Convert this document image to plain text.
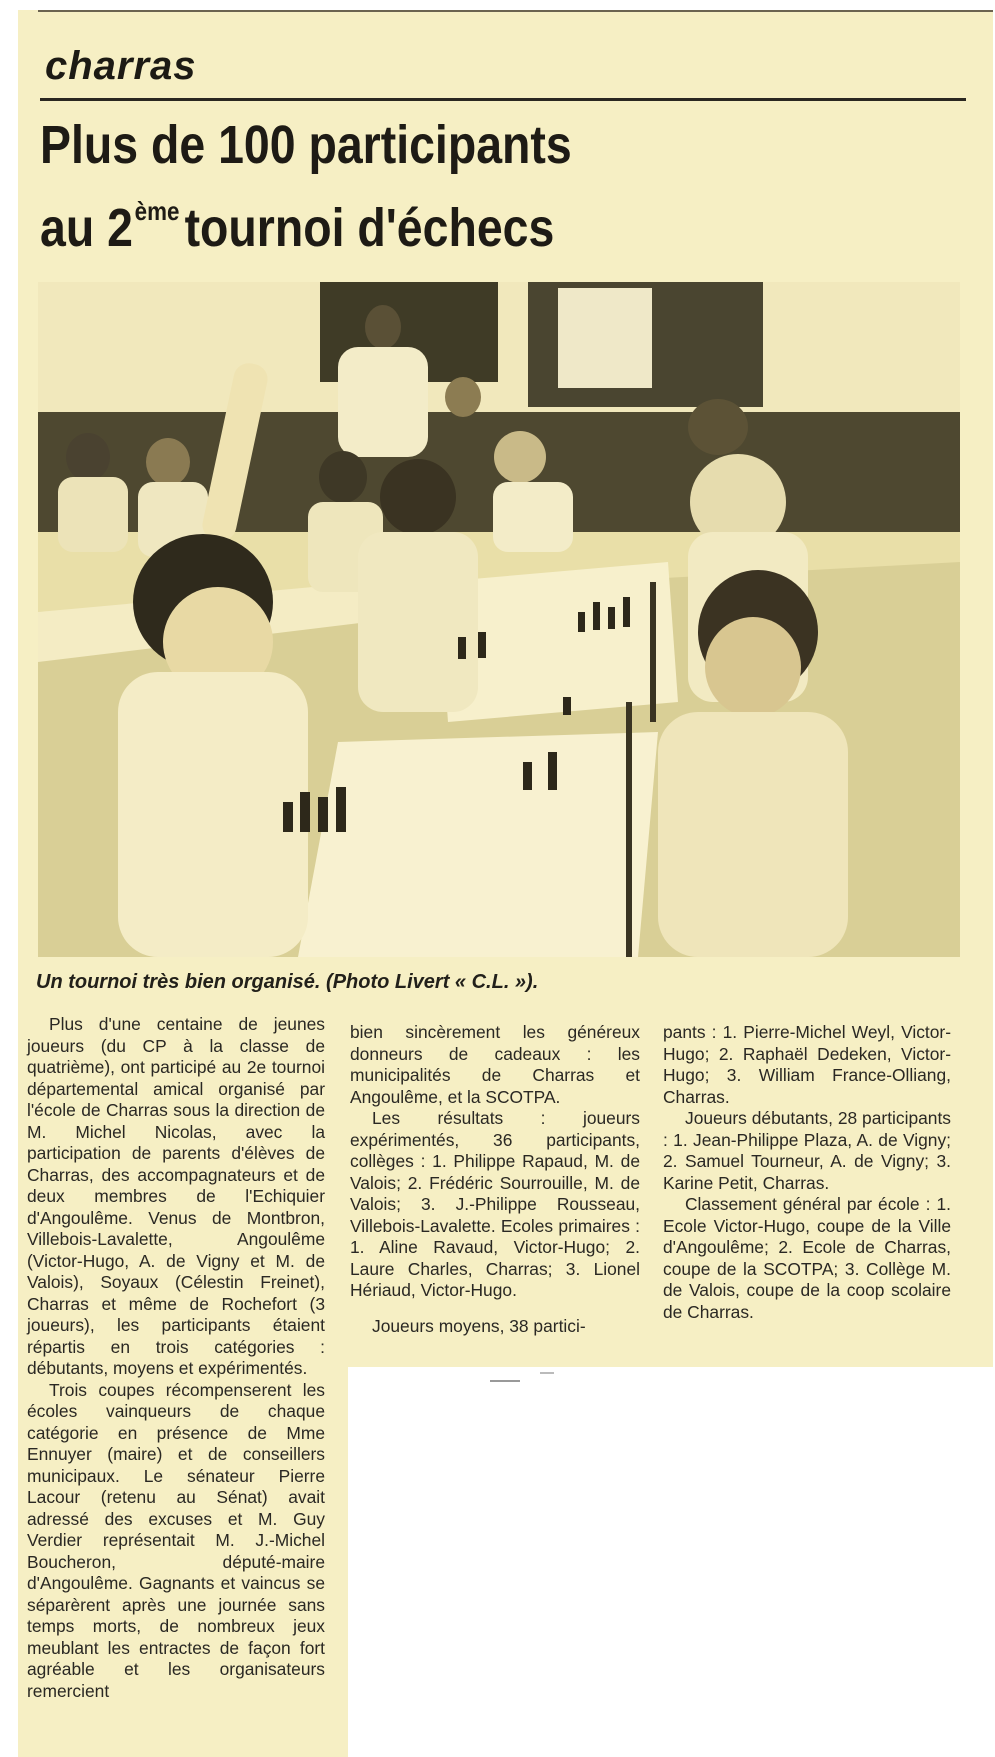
charras
Plus de 100 participants
au 2èmetournoi d'échecs
Un tournoi très bien organisé. (Photo Livert « C.L. »).

Plus d'une centaine de jeunes joueurs (du CP à la classe de quatrième), ont participé au 2e tournoi départemental amical organisé par l'école de Charras sous la direction de M. Michel Nicolas, avec la participation de parents d'élèves de Charras, des accompagnateurs et de deux membres de l'Echiquier d'Angoulême. Venus de Montbron, Villebois-Lavalette, Angoulême (Victor-Hugo, A. de Vigny et M. de Valois), Soyaux (Célestin Freinet), Charras et même de Rochefort (3 joueurs), les participants étaient répartis en trois catégories : débutants, moyens et expérimentés.

Trois coupes récompenserent les écoles vainqueurs de chaque catégorie en présence de Mme Ennuyer (maire) et de conseillers municipaux. Le sénateur Pierre Lacour (retenu au Sénat) avait adressé des excuses et M. Guy Verdier représentait M. J.-Michel Boucheron, député-maire d'Angoulême. Gagnants et vaincus se séparèrent après une journée sans temps morts, de nombreux jeux meublant les entractes de façon fort agréable et les organisateurs remercient

bien sincèrement les généreux donneurs de cadeaux : les municipalités de Charras et Angoulême, et la SCOTPA.

Les résultats : joueurs expérimentés, 36 participants, collèges : 1. Philippe Rapaud, M. de Valois; 2. Frédéric Sourrouille, M. de Valois; 3. J.-Philippe Rousseau, Villebois-Lavalette. Ecoles primaires : 1. Aline Ravaud, Victor-Hugo; 2. Laure Charles, Charras; 3. Lionel Hériaud, Victor-Hugo.

Joueurs moyens, 38 partici-

pants : 1. Pierre-Michel Weyl, Victor-Hugo; 2. Raphaël Dedeken, Victor-Hugo; 3. William France-Olliang, Charras.

Joueurs débutants, 28 participants : 1. Jean-Philippe Plaza, A. de Vigny; 2. Samuel Tourneur, A. de Vigny; 3. Karine Petit, Charras.

Classement général par école : 1. Ecole Victor-Hugo, coupe de la Ville d'Angoulême; 2. Ecole de Charras, coupe de la SCOTPA; 3. Collège M. de Valois, coupe de la coop scolaire de Charras.
